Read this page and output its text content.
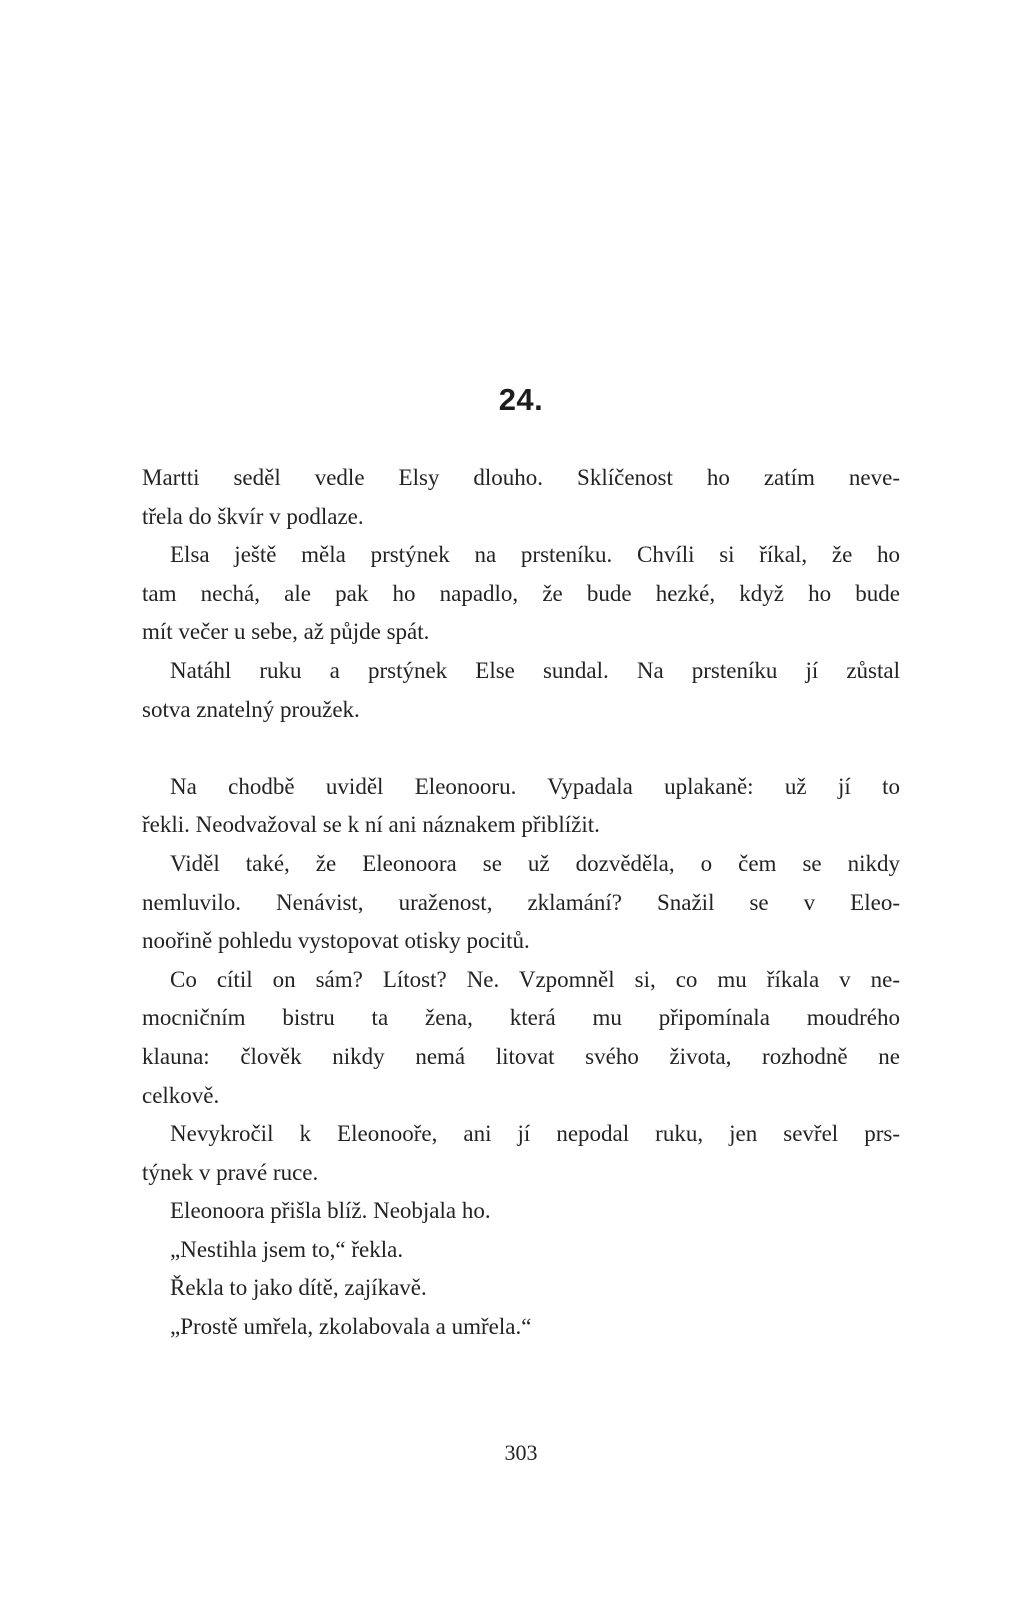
24.
Martti seděl vedle Elsy dlouho. Sklíčenost ho zatím neve-
třela do škvír v podlaze.
Elsa ještě měla prstýnek na prsteníku. Chvíli si říkal, že ho
tam nechá, ale pak ho napadlo, že bude hezké, když ho bude
mít večer u sebe, až půjde spát.
Natáhl ruku a prstýnek Else sundal. Na prsteníku jí zůstal
sotva znatelný proužek.
Na chodbě uviděl Eleonooru. Vypadala uplakaně: už jí to
řekli. Neodvažoval se k ní ani náznakem přiblížit.
Viděl také, že Eleonoora se už dozvěděla, o čem se nikdy
nemluvilo. Nenávist, uraženost, zklamání? Snažil se v Eleo-
noořině pohledu vystopovat otisky pocitů.
Co cítil on sám? Lítost? Ne. Vzpomněl si, co mu říkala v ne-
mocničním bistru ta žena, která mu připomínala moudrého
klauna: člověk nikdy nemá litovat svého života, rozhodně ne
celkově.
Nevykročil k Eleonooře, ani jí nepodal ruku, jen sevřel prs-
týnek v pravé ruce.
Eleonoora přišla blíž. Neobjala ho.
„Nestihla jsem to,“ řekla.
Řekla to jako dítě, zajíkavě.
„Prostě umřela, zkolabovala a umřela.“
303
